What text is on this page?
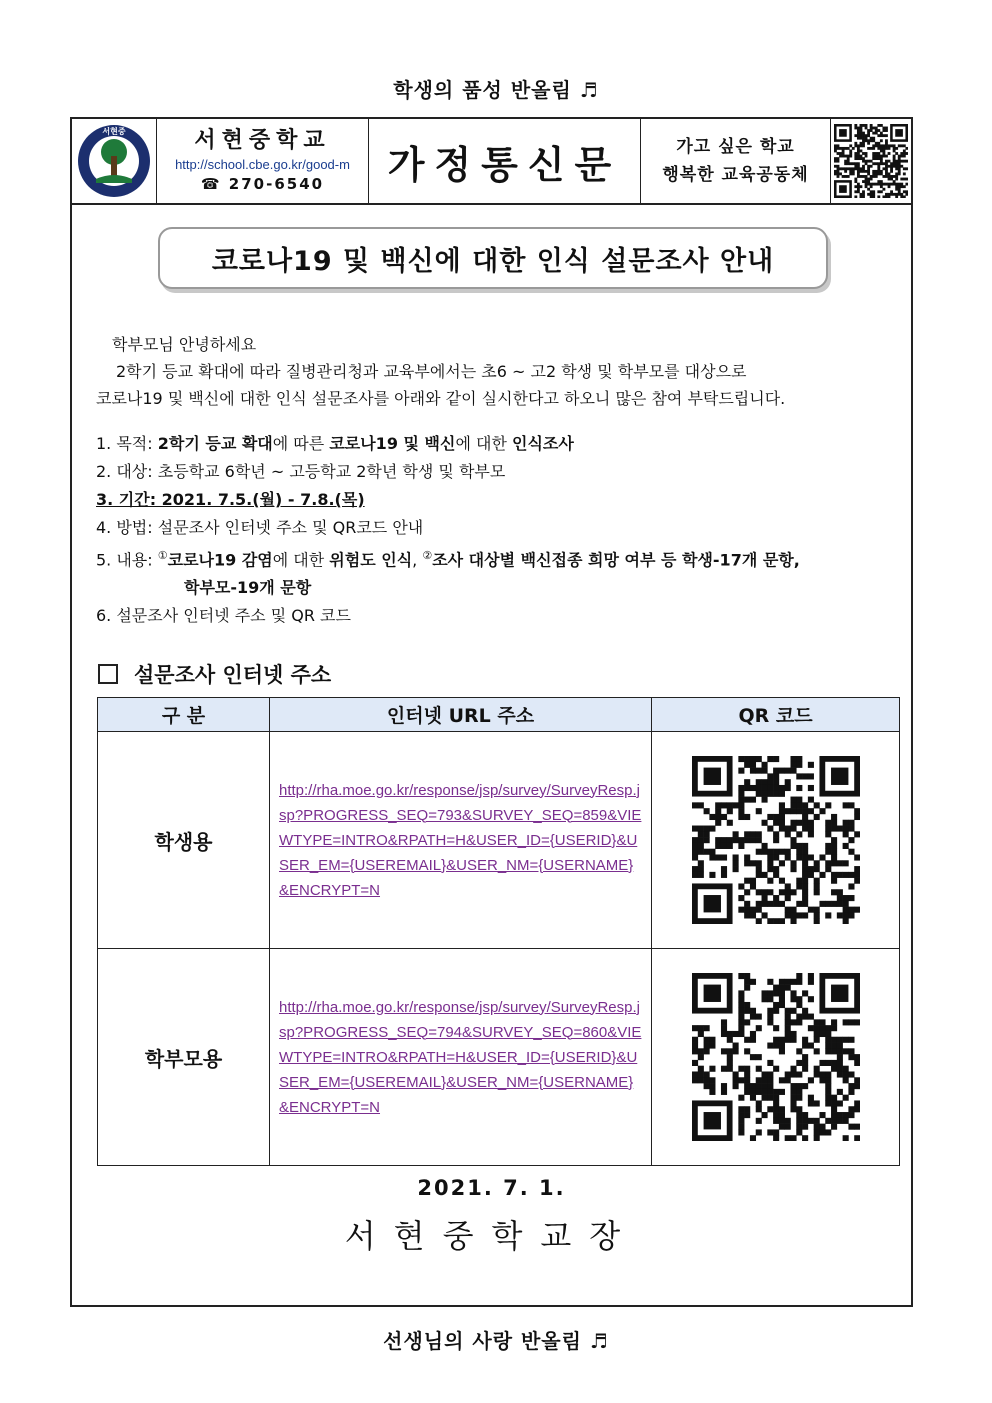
학생의 품성 반올림 ♬
서현중	서현중학교
http://school.cbe.go.kr/good-m
☎ 270-6540	가정통신문	가고 싶은 학교
행복한 교육공동체
코로나19 및 백신에 대한 인식 설문조사 안내

학부모님 안녕하세요

2학기 등교 확대에 따라 질병관리청과 교육부에서는 초6 ~ 고2 학생 및 학부모를 대상으로

코로나19 및 백신에 대한 인식 설문조사를 아래와 같이 실시한다고 하오니 많은 참여 부탁드립니다.

1. 목적: 2학기 등교 확대에 따른 코로나19 및 백신에 대한 인식조사

2. 대상: 초등학교 6학년 ~ 고등학교 2학년 학생 및 학부모

3. 기간: 2021. 7.5.(월) - 7.8.(목)

4. 방법: 설문조사 인터넷 주소 및 QR코드 안내

5. 내용: ①코로나19 감염에 대한 위험도 인식, ②조사 대상별 백신접종 희망 여부 등 학생-17개 문항,

학부모-19개 문항

6. 설문조사 인터넷 주소 및 QR 코드

설문조사 인터넷 주소
구 분	인터넷 URL 주소	QR 코드
학생용	http://rha.moe.go.kr/response/jsp/survey/SurveyResp.jsp?PROGRESS_SEQ=793&SURVEY_SEQ=859&VIEWTYPE=INTRO&RPATH=H&USER_ID={USERID}&USER_EM={USEREMAIL}&USER_NM={USERNAME}&ENCRYPT=N	

학부모용	http://rha.moe.go.kr/response/jsp/survey/SurveyResp.jsp?PROGRESS_SEQ=794&SURVEY_SEQ=860&VIEWTYPE=INTRO&RPATH=H&USER_ID={USERID}&USER_EM={USEREMAIL}&USER_NM={USERNAME}&ENCRYPT=N	
2021. 7. 1.
서현중학교장
선생님의 사랑 반올림 ♬
